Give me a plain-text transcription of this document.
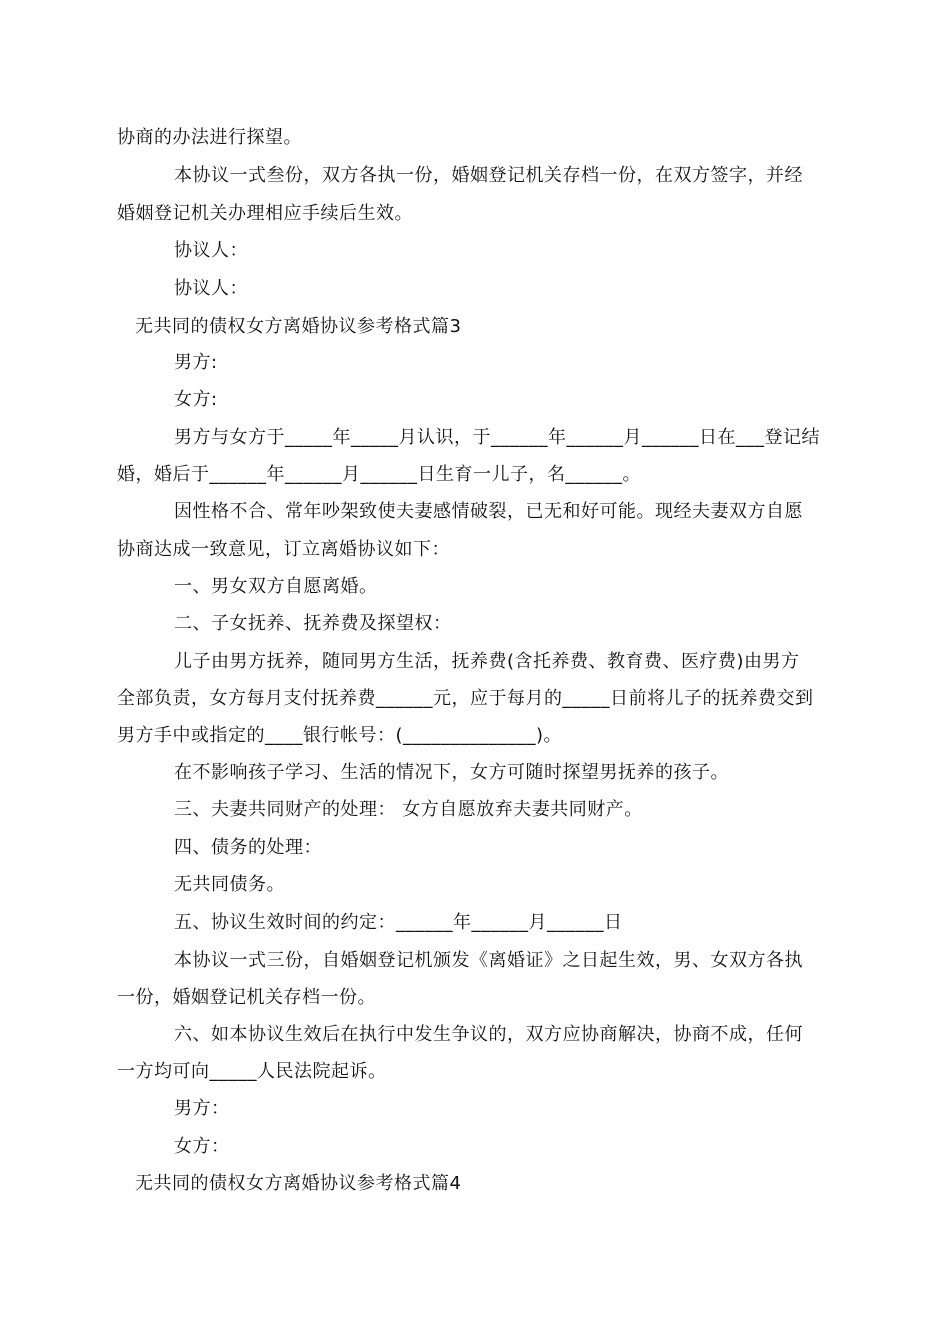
协商的办法进行探望。
本协议一式叁份，双方各执一份，婚姻登记机关存档一份，在双方签字，并经
婚姻登记机关办理相应手续后生效。
协议人：
协议人：
无共同的债权女方离婚协议参考格式篇3
男方:
女方:
男方与女方于_____年_____月认识，于______年______月______日在___登记结
婚，婚后于______年______月______日生育一儿子，名______。
因性格不合、常年吵架致使夫妻感情破裂，已无和好可能。现经夫妻双方自愿
协商达成一致意见，订立离婚协议如下：
一、男女双方自愿离婚。
二、子女抚养、抚养费及探望权：
儿子由男方抚养，随同男方生活，抚养费(含托养费、教育费、医疗费)由男方
全部负责，女方每月支付抚养费______元，应于每月的_____日前将儿子的抚养费交到
男方手中或指定的____银行帐号：(______________)。
在不影响孩子学习、生活的情况下，女方可随时探望男抚养的孩子。
三、夫妻共同财产的处理： 女方自愿放弃夫妻共同财产。
四、债务的处理：
无共同债务。
五、协议生效时间的约定：______年______月______日
本协议一式三份，自婚姻登记机颁发《离婚证》之日起生效，男、女双方各执
一份，婚姻登记机关存档一份。
六、如本协议生效后在执行中发生争议的，双方应协商解决，协商不成，任何
一方均可向_____人民法院起诉。
男方：
女方：
无共同的债权女方离婚协议参考格式篇4
